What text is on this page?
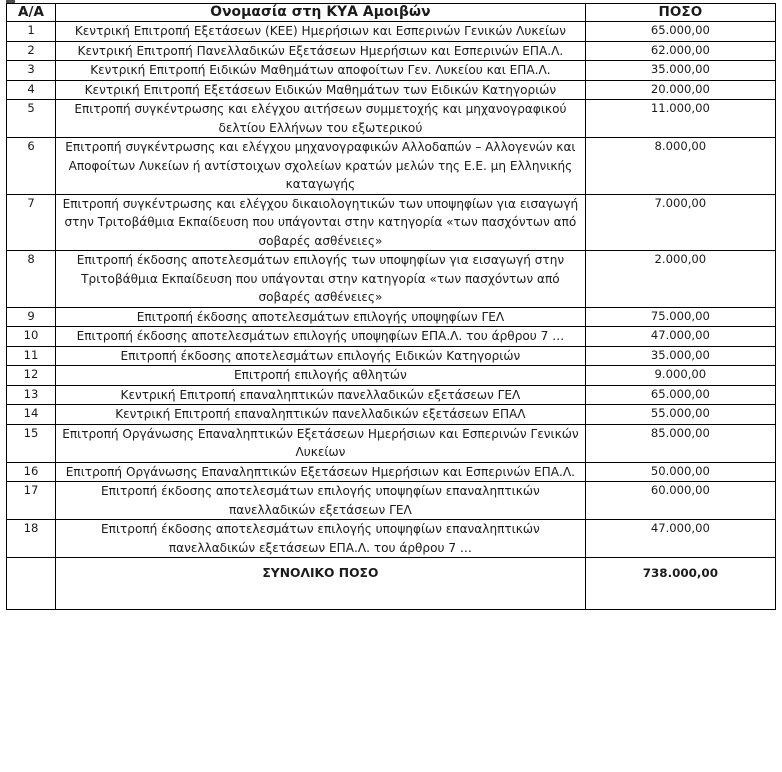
Α/Α	Ονομασία στη ΚΥΑ Αμοιβών	ΠΟΣΟ
1	Κεντρική Επιτροπή Εξετάσεων (ΚΕΕ) Ημερήσιων και Εσπερινών Γενικών Λυκείων	65.000,00
2	Κεντρική Επιτροπή Πανελλαδικών Εξετάσεων Ημερήσιων και Εσπερινών ΕΠΑ.Λ.	62.000,00
3	Κεντρική Επιτροπή Ειδικών Μαθημάτων αποφοίτων Γεν. Λυκείου και ΕΠΑ.Λ.	35.000,00
4	Κεντρική Επιτροπή Εξετάσεων Ειδικών Μαθημάτων των Ειδικών Κατηγοριών	20.000,00
5	Επιτροπή συγκέντρωσης και ελέγχου αιτήσεων συμμετοχής και μηχανογραφικού δελτίου Ελλήνων του εξωτερικού	11.000,00
6	Επιτροπή συγκέντρωσης και ελέγχου μηχανογραφικών Αλλοδαπών – Αλλογενών και Αποφοίτων Λυκείων ή αντίστοιχων σχολείων κρατών μελών της Ε.Ε. μη Ελληνικής καταγωγής	8.000,00
7	Επιτροπή συγκέντρωσης και ελέγχου δικαιολογητικών των υποψηφίων για εισαγωγή στην Τριτοβάθμια Εκπαίδευση που υπάγονται στην κατηγορία «των πασχόντων από σοβαρές ασθένειες»	7.000,00
8	Επιτροπή έκδοσης αποτελεσμάτων επιλογής των υποψηφίων για εισαγωγή στην Τριτοβάθμια Εκπαίδευση που υπάγονται στην κατηγορία «των πασχόντων από σοβαρές ασθένειες»	2.000,00
9	Επιτροπή έκδοσης αποτελεσμάτων επιλογής υποψηφίων ΓΕΛ	75.000,00
10	Επιτροπή έκδοσης αποτελεσμάτων επιλογής υποψηφίων ΕΠΑ.Λ. του άρθρου 7 …	47.000,00
11	Επιτροπή έκδοσης αποτελεσμάτων επιλογής Ειδικών Κατηγοριών	35.000,00
12	Επιτροπή επιλογής αθλητών	9.000,00
13	Κεντρική Επιτροπή επαναληπτικών πανελλαδικών εξετάσεων ΓΕΛ	65.000,00
14	Κεντρική Επιτροπή επαναληπτικών πανελλαδικών εξετάσεων ΕΠΑΛ	55.000,00
15	Επιτροπή Οργάνωσης Επαναληπτικών Εξετάσεων Ημερήσιων και Εσπερινών Γενικών Λυκείων	85.000,00
16	Επιτροπή Οργάνωσης Επαναληπτικών Εξετάσεων Ημερήσιων και Εσπερινών ΕΠΑ.Λ.	50.000,00
17	Επιτροπή έκδοσης αποτελεσμάτων επιλογής υποψηφίων επαναληπτικών πανελλαδικών εξετάσεων ΓΕΛ	60.000,00
18	Επιτροπή έκδοσης αποτελεσμάτων επιλογής υποψηφίων επαναληπτικών πανελλαδικών εξετάσεων ΕΠΑ.Λ. του άρθρου 7 …	47.000,00
	ΣΥΝΟΛΙΚΟ ΠΟΣΟ	738.000,00
